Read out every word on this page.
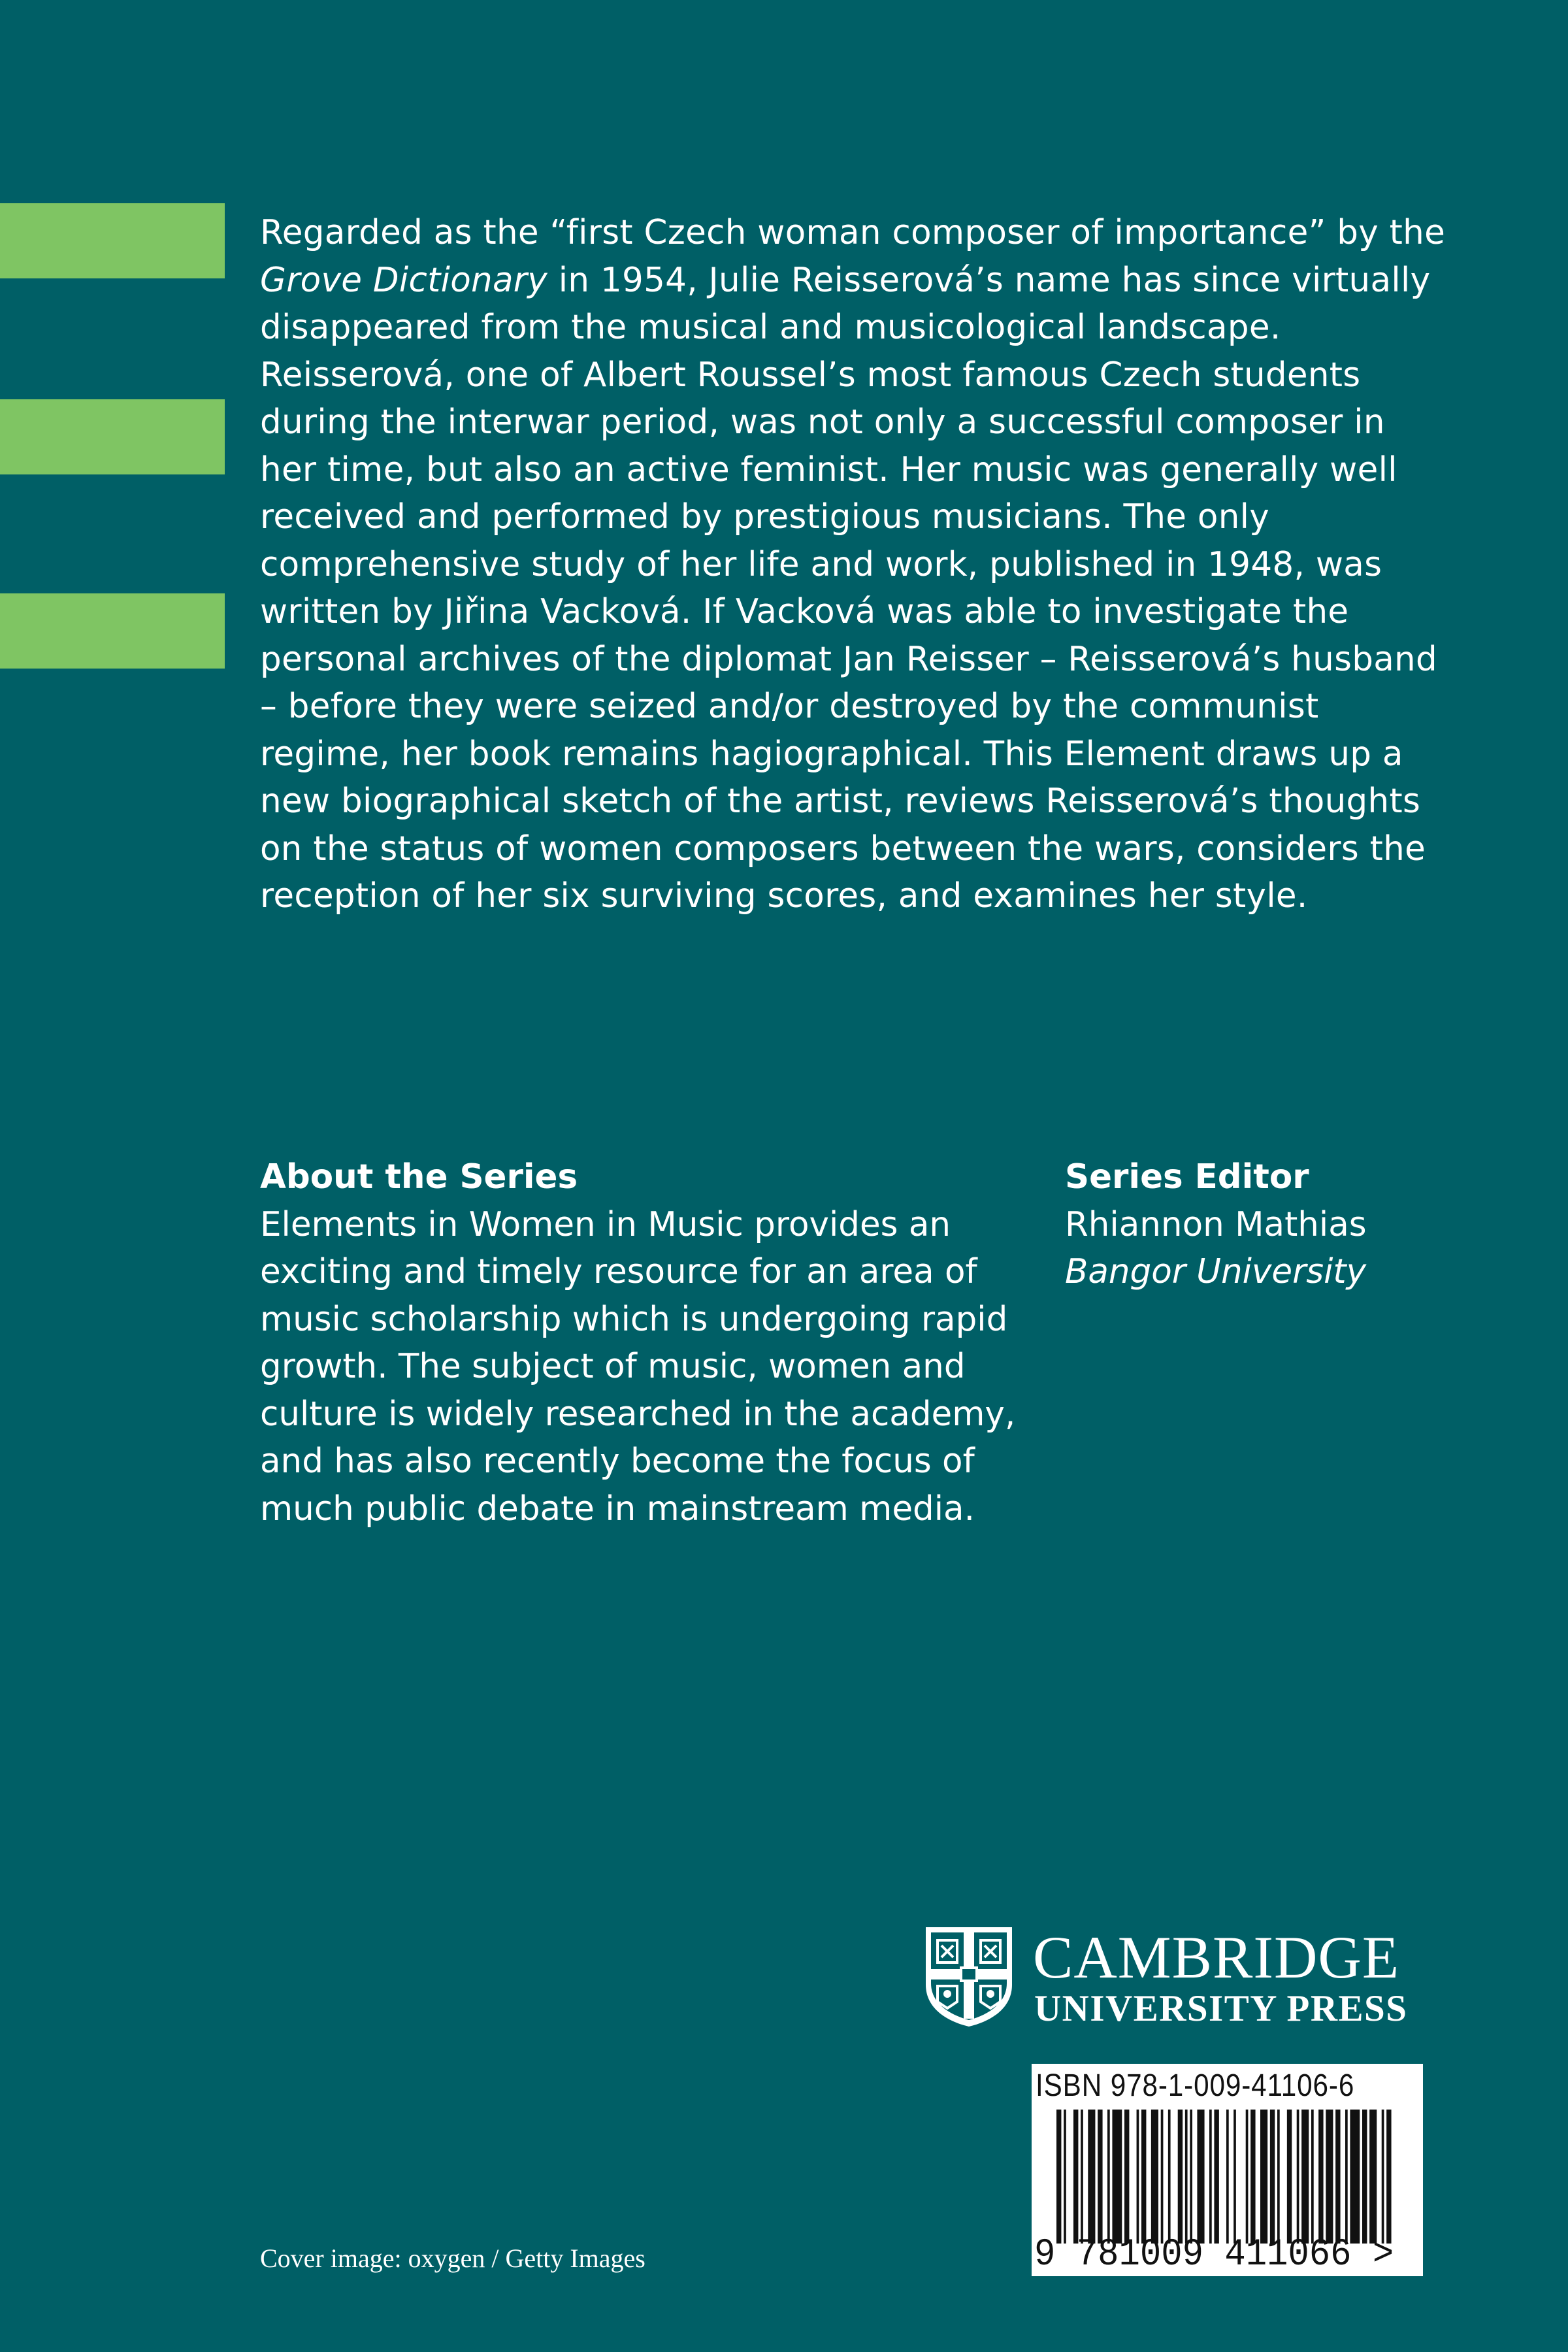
Regarded as the “first Czech woman composer of importance” by the Grove Dictionary in 1954, Julie Reisserová’s name has since virtually disappeared from the musical and musicological landscape. Reisserová, one of Albert Roussel’s most famous Czech students during the interwar period, was not only a successful composer in her time, but also an active feminist. Her music was generally well received and performed by prestigious musicians. The only comprehensive study of her life and work, published in 1948, was written by Jiřina Vacková. If Vacková was able to investigate the personal archives of the diplomat Jan Reisser – Reisserová’s husband – before they were seized and/or destroyed by the communist regime, her book remains hagiographical. This Element draws up a new biographical sketch of the artist, reviews Reisserová’s thoughts on the status of women composers between the wars, considers the reception of her six surviving scores, and examines her style.

About the Series

Elements in Women in Music provides an exciting and timely resource for an area of music scholarship which is undergoing rapid growth. The subject of music, women and culture is widely researched in the academy, and has also recently become the focus of much public debate in mainstream media.

Series Editor

Rhiannon Mathias

Bangor University

CAMBRIDGE
UNIVERSITY PRESS
ISBN 978-1-009-41106-6
9 781009 411066 >
Cover image: oxygen / Getty Images
